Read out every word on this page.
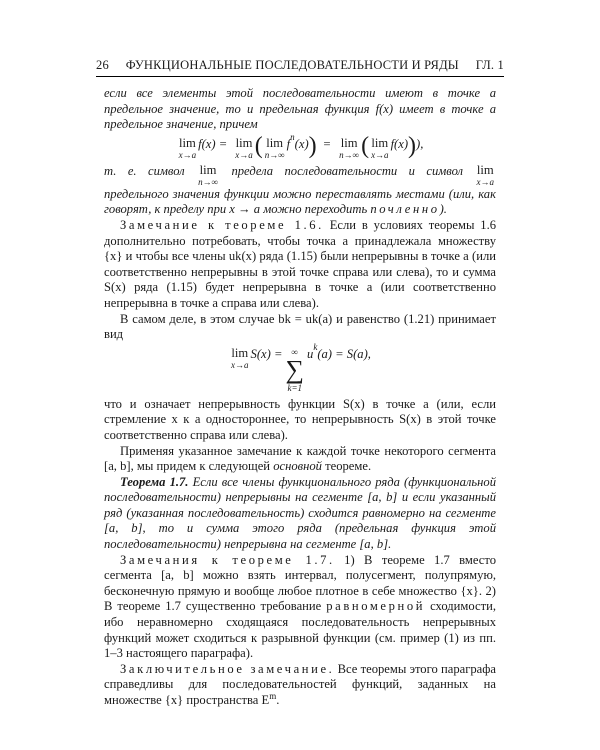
26 ФУНКЦИОНАЛЬНЫЕ ПОСЛЕДОВАТЕЛЬНОСТИ И РЯДЫ ГЛ. 1

если все элементы этой последовательности имеют в точке a предельное значение, то и предельная функция f(x) имеет в точке a предельное значение, причем

lim
x→a
f(x) = lim
x→a ( lim
n→∞
f n (x) ) = lim
n→∞ ( lim
x→a
f(x) ) ),

т. е. символ lim
n→∞
предела последовательности и символ lim
x→a
предельного значения функции можно переставлять местами (или, как говорят, к пределу при x → a можно переходить почленно).

Замечание к теореме 1.6. Если в условиях теоремы 1.6 дополнительно потребовать, чтобы точка a принадлежала множеству {x} и чтобы все члены uk(x) ряда (1.15) были непрерывны в точке a (или соответственно непрерывны в этой точке справа или слева), то и сумма S(x) ряда (1.15) будет непрерывна в точке a (или соответственно непрерывна в точке a справа или слева).

В самом деле, в этом случае bk = uk(a) и равенство (1.21) принимает вид

lim
x→a
S(x) = ∞
∑
k=1
u k (a) = S(a),

что и означает непрерывность функции S(x) в точке a (или, если стремление x к a одностороннее, то непрерывность S(x) в этой точке соответственно справа или слева).

Применяя указанное замечание к каждой точке некоторого сегмента [a, b], мы придем к следующей основной теореме.

Теорема 1.7. Если все члены функционального ряда (функциональной последовательности) непрерывны на сегменте [a, b] и если указанный ряд (указанная последовательность) сходится равномерно на сегменте [a, b], то и сумма этого ряда (предельная функция этой последовательности) непрерывна на сегменте [a, b].

Замечания к теореме 1.7. 1) В теореме 1.7 вместо сегмента [a, b] можно взять интервал, полусегмент, полупрямую, бесконечную прямую и вообще любое плотное в себе множество {x}. 2) В теореме 1.7 существенно требование равномерной сходимости, ибо неравномерно сходящаяся последовательность непрерывных функций может сходиться к разрывной функции (см. пример (1) из пп. 1–3 настоящего параграфа).

Заключительное замечание. Все теоремы этого параграфа справедливы для последовательностей функций, заданных на множестве {x} пространства $E^m$.
